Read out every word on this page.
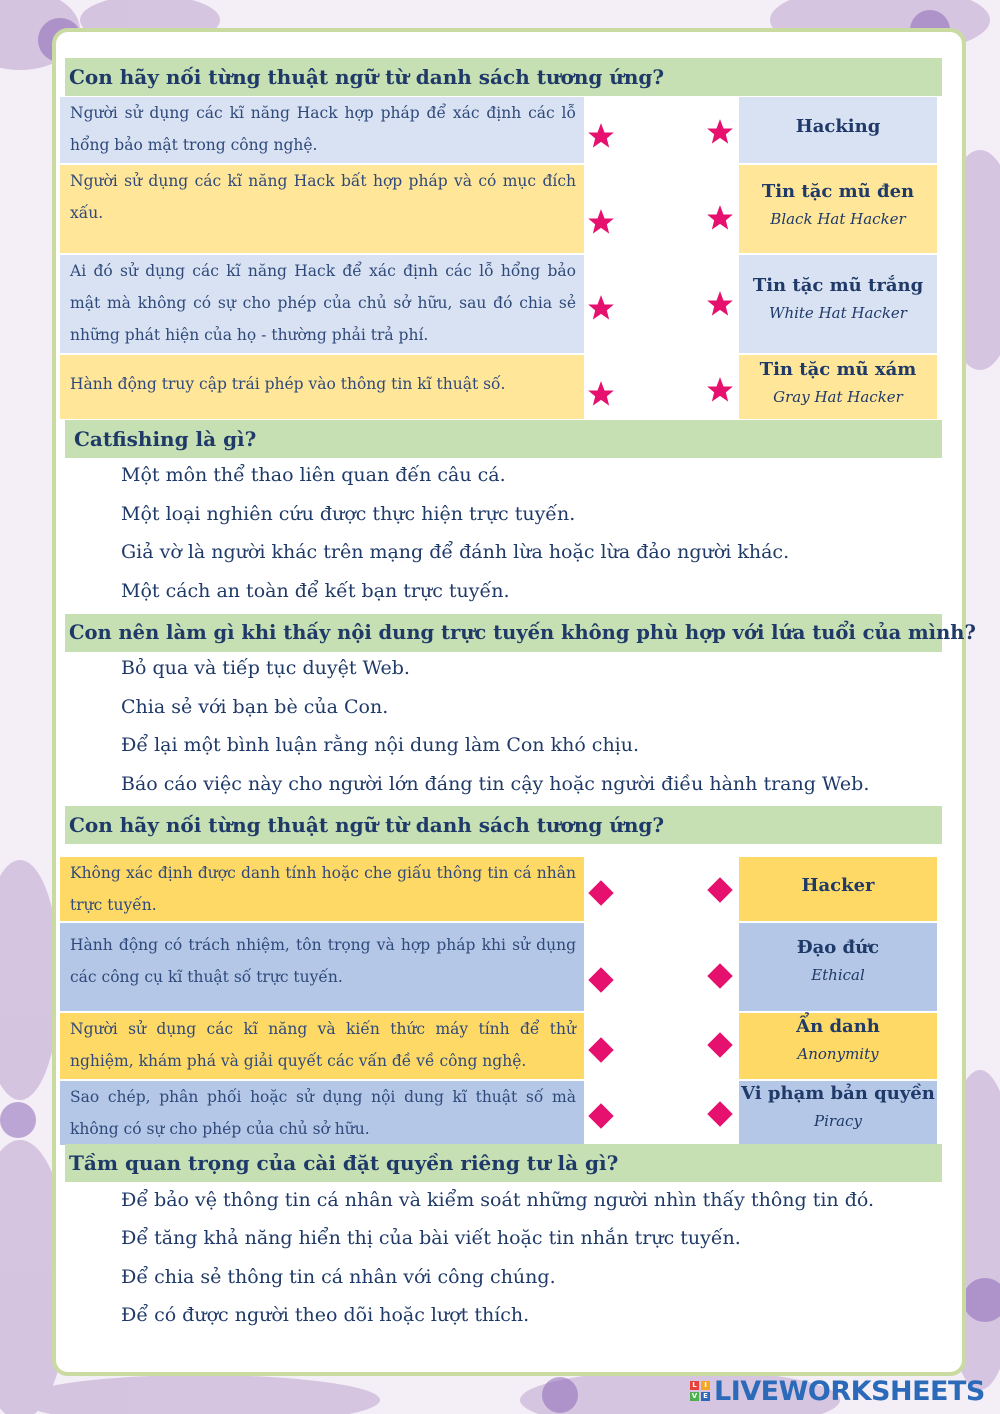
Con hãy nối từng thuật ngữ từ danh sách tương ứng?
Người sử dụng các kĩ năng Hack hợp pháp để xác định các lỗ hổng bảo mật trong công nghệ.
Người sử dụng các kĩ năng Hack bất hợp pháp và có mục đích xấu.
Ai đó sử dụng các kĩ năng Hack để xác định các lỗ hổng bảo mật mà không có sự cho phép của chủ sở hữu, sau đó chia sẻ những phát hiện của họ - thường phải trả phí.
Hành động truy cập trái phép vào thông tin kĩ thuật số.
Hacking
Tin tặc mũ đen
Black Hat Hacker
Tin tặc mũ trắng
White Hat Hacker
Tin tặc mũ xám
Gray Hat Hacker
Catfishing là gì?
Một môn thể thao liên quan đến câu cá.
Một loại nghiên cứu được thực hiện trực tuyến.
Giả vờ là người khác trên mạng để đánh lừa hoặc lừa đảo người khác.
Một cách an toàn để kết bạn trực tuyến.
Con nên làm gì khi thấy nội dung trực tuyến không phù hợp với lứa tuổi của mình?
Bỏ qua và tiếp tục duyệt Web.
Chia sẻ với bạn bè của Con.
Để lại một bình luận rằng nội dung làm Con khó chịu.
Báo cáo việc này cho người lớn đáng tin cậy hoặc người điều hành trang Web.
Con hãy nối từng thuật ngữ từ danh sách tương ứng?
Không xác định được danh tính hoặc che giấu thông tin cá nhân trực tuyến.
Hành động có trách nhiệm, tôn trọng và hợp pháp khi sử dụng các công cụ kĩ thuật số trực tuyến.
Người sử dụng các kĩ năng và kiến thức máy tính để thử nghiệm, khám phá và giải quyết các vấn đề về công nghệ.
Sao chép, phân phối hoặc sử dụng nội dung kĩ thuật số mà không có sự cho phép của chủ sở hữu.
Hacker
Đạo đức
Ethical
Ẩn danh
Anonymity
Vi phạm bản quyền
Piracy
Tầm quan trọng của cài đặt quyền riêng tư là gì?
Để bảo vệ thông tin cá nhân và kiểm soát những người nhìn thấy thông tin đó.
Để tăng khả năng hiển thị của bài viết hoặc tin nhắn trực tuyến.
Để chia sẻ thông tin cá nhân với công chúng.
Để có được người theo dõi hoặc lượt thích.
L	I
V E LIVEWORKSHEETS
